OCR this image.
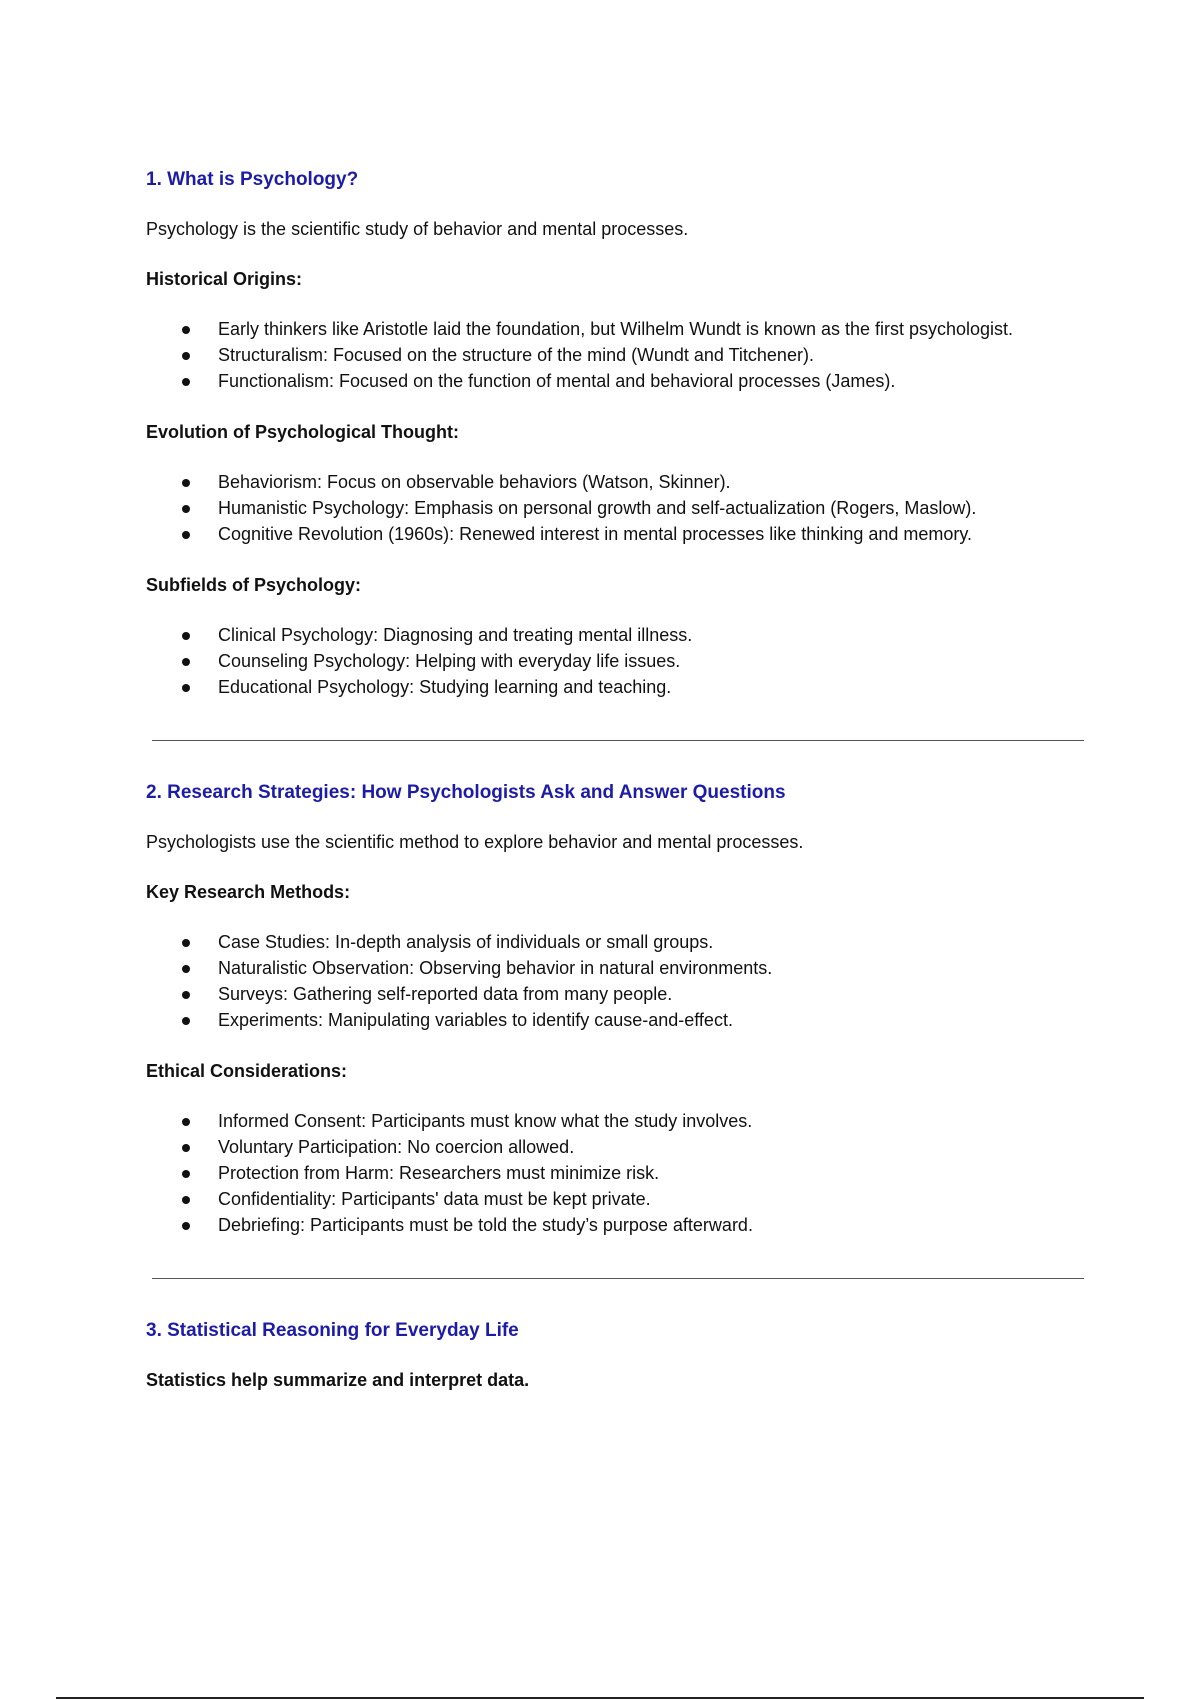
1. What is Psychology?
Psychology is the scientific study of behavior and mental processes.
Historical Origins:
Early thinkers like Aristotle laid the foundation, but Wilhelm Wundt is known as the first psychologist.
Structuralism: Focused on the structure of the mind (Wundt and Titchener).
Functionalism: Focused on the function of mental and behavioral processes (James).
Evolution of Psychological Thought:
Behaviorism: Focus on observable behaviors (Watson, Skinner).
Humanistic Psychology: Emphasis on personal growth and self-actualization (Rogers, Maslow).
Cognitive Revolution (1960s): Renewed interest in mental processes like thinking and memory.
Subfields of Psychology:
Clinical Psychology: Diagnosing and treating mental illness.
Counseling Psychology: Helping with everyday life issues.
Educational Psychology: Studying learning and teaching.
2. Research Strategies: How Psychologists Ask and Answer Questions
Psychologists use the scientific method to explore behavior and mental processes.
Key Research Methods:
Case Studies: In-depth analysis of individuals or small groups.
Naturalistic Observation: Observing behavior in natural environments.
Surveys: Gathering self-reported data from many people.
Experiments: Manipulating variables to identify cause-and-effect.
Ethical Considerations:
Informed Consent: Participants must know what the study involves.
Voluntary Participation: No coercion allowed.
Protection from Harm: Researchers must minimize risk.
Confidentiality: Participants' data must be kept private.
Debriefing: Participants must be told the study’s purpose afterward.
3. Statistical Reasoning for Everyday Life
Statistics help summarize and interpret data.
